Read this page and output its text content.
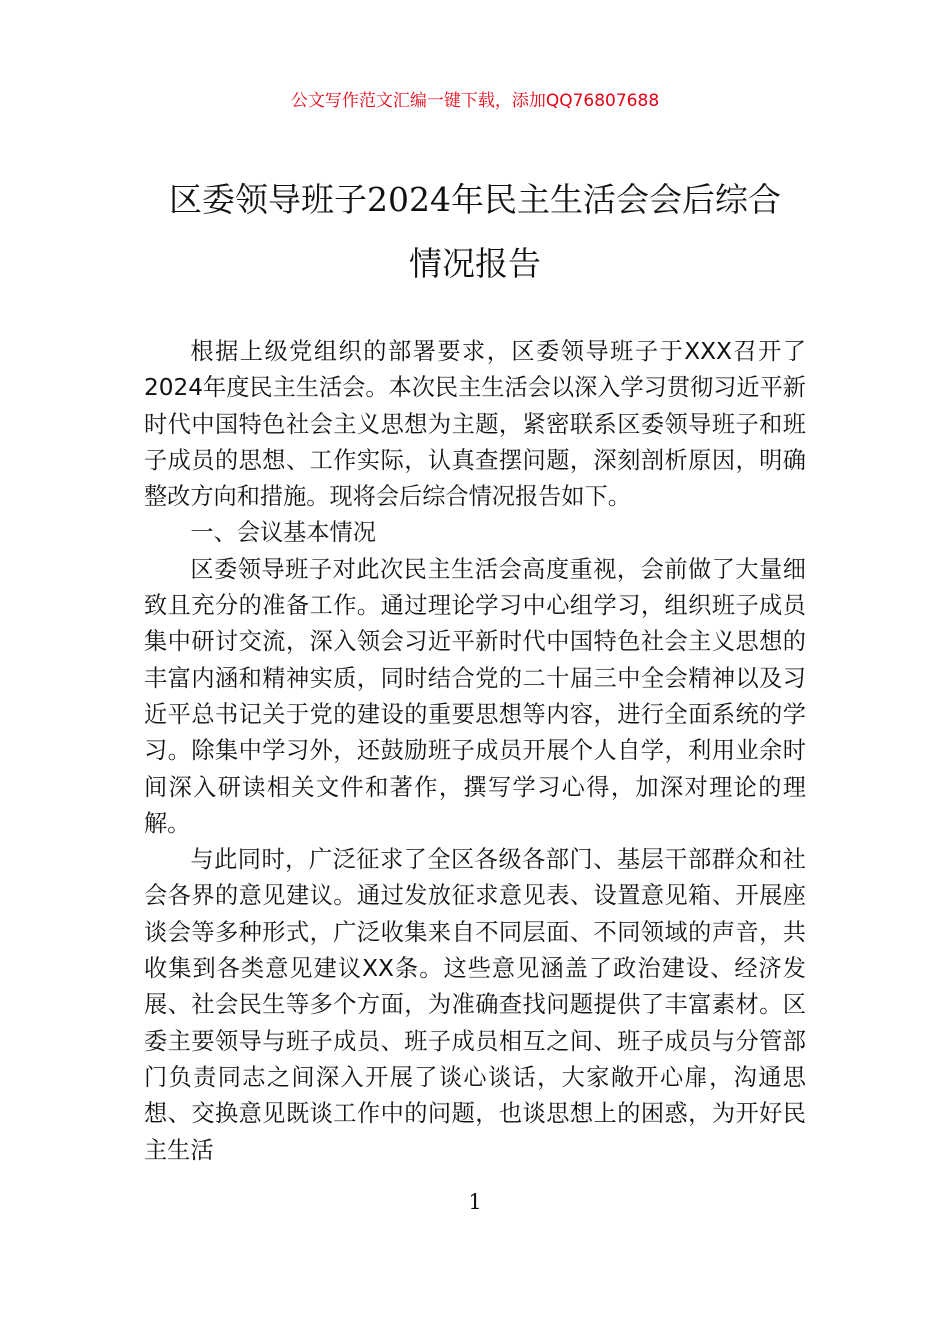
公文写作范文汇编一键下载，添加QQ76807688
区委领导班子2024年民主生活会会后综合
情况报告

根据上级党组织的部署要求，区委领导班子于XXX召开了2024年度民主生活会。本次民主生活会以深入学习贯彻习近平新时代中国特色社会主义思想为主题，紧密联系区委领导班子和班子成员的思想、工作实际，认真查摆问题，深刻剖析原因，明确整改方向和措施。现将会后综合情况报告如下。

一、会议基本情况

区委领导班子对此次民主生活会高度重视，会前做了大量细致且充分的准备工作。通过理论学习中心组学习，组织班子成员集中研讨交流，深入领会习近平新时代中国特色社会主义思想的丰富内涵和精神实质，同时结合党的二十届三中全会精神以及习近平总书记关于党的建设的重要思想等内容，进行全面系统的学习。除集中学习外，还鼓励班子成员开展个人自学，利用业余时间深入研读相关文件和著作，撰写学习心得，加深对理论的理解。

与此同时，广泛征求了全区各级各部门、基层干部群众和社会各界的意见建议。通过发放征求意见表、设置意见箱、开展座谈会等多种形式，广泛收集来自不同层面、不同领域的声音，共收集到各类意见建议XX条。这些意见涵盖了政治建设、经济发展、社会民生等多个方面，为准确查找问题提供了丰富素材。区委主要领导与班子成员、班子成员相互之间、班子成员与分管部门负责同志之间深入开展了谈心谈话，大家敞开心扉，沟通思想、交换意见既谈工作中的问题，也谈思想上的困惑，为开好民主生活

1
